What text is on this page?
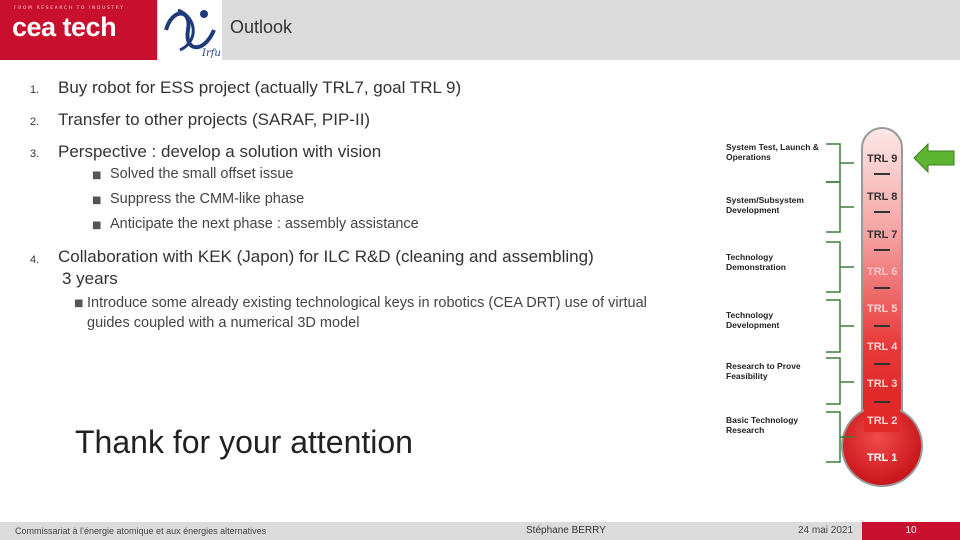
FROM RESEARCH TO INDUSTRY
cea tech
Irfu
Outlook
1. Buy robot for ESS project (actually TRL7, goal TRL 9)
2. Transfer to other projects (SARAF, PIP-II)
3. Perspective : develop a solution with vision
■ Solved the small offset issue
■ Suppress the CMM-like phase
■ Anticipate the next phase : assembly assistance
4. Collaboration with KEK (Japon) for ILC R&D (cleaning and assembling)
3 years
■ Introduce some already existing technological keys in robotics (CEA DRT) use of virtual guides coupled with a numerical 3D model
Thank for your attention
TRL 9
TRL 8
TRL 7
TRL 6
TRL 5
TRL 4
TRL 3
TRL 2
TRL 1
System Test, Launch & Operations
System/Subsystem Development
Technology Demonstration
Technology Development
Research to Prove Feasibility
Basic Technology Research
Commissariat à l’énergie atomique et aux énergies alternatives	Stéphane BERRY	24 mai 2021	10
